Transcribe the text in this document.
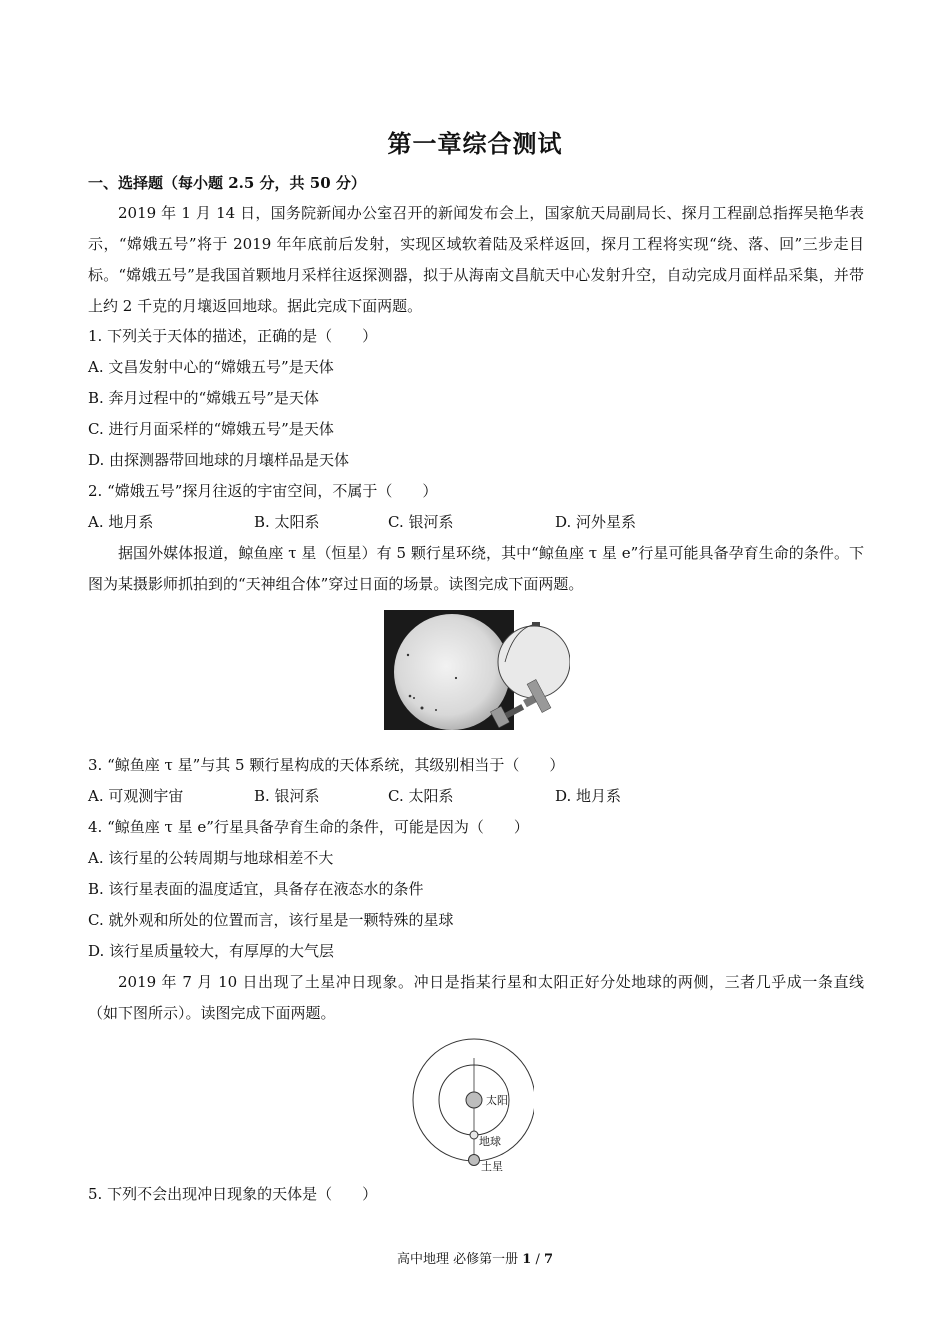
第一章综合测试
一、选择题（每小题 2.5 分，共 50 分）

2019 年 1 月 14 日，国务院新闻办公室召开的新闻发布会上，国家航天局副局长、探月工程副总指挥吴艳华表示，“嫦娥五号”将于 2019 年年底前后发射，实现区域软着陆及采样返回，探月工程将实现“绕、落、回”三步走目标。“嫦娥五号”是我国首颗地月采样往返探测器，拟于从海南文昌航天中心发射升空，自动完成月面样品采集，并带上约 2 千克的月壤返回地球。据此完成下面两题。

1. 下列关于天体的描述，正确的是（　　）
A. 文昌发射中心的“嫦娥五号”是天体
B. 奔月过程中的“嫦娥五号”是天体
C. 进行月面采样的“嫦娥五号”是天体
D. 由探测器带回地球的月壤样品是天体
2. “嫦娥五号”探月往返的宇宙空间，不属于（　　）
A. 地月系	B. 太阳系	C. 银河系	D. 河外星系

据国外媒体报道，鲸鱼座 τ 星（恒星）有 5 颗行星环绕，其中“鲸鱼座 τ 星 e”行星可能具备孕育生命的条件。下图为某摄影师抓拍到的“天神组合体”穿过日面的场景。读图完成下面两题。

3. “鲸鱼座 τ 星”与其 5 颗行星构成的天体系统，其级别相当于（　　）
A. 可观测宇宙	B. 银河系	C. 太阳系	D. 地月系
4. “鲸鱼座 τ 星 e”行星具备孕育生命的条件，可能是因为（　　）
A. 该行星的公转周期与地球相差不大
B. 该行星表面的温度适宜，具备存在液态水的条件
C. 就外观和所处的位置而言，该行星是一颗特殊的星球
D. 该行星质量较大，有厚厚的大气层

2019 年 7 月 10 日出现了土星冲日现象。冲日是指某行星和太阳正好分处地球的两侧，三者几乎成一条直线（如下图所示）。读图完成下面两题。

太阳
地球
土星
5. 下列不会出现冲日现象的天体是（　　）
高中地理 必修第一册 1 / 7
